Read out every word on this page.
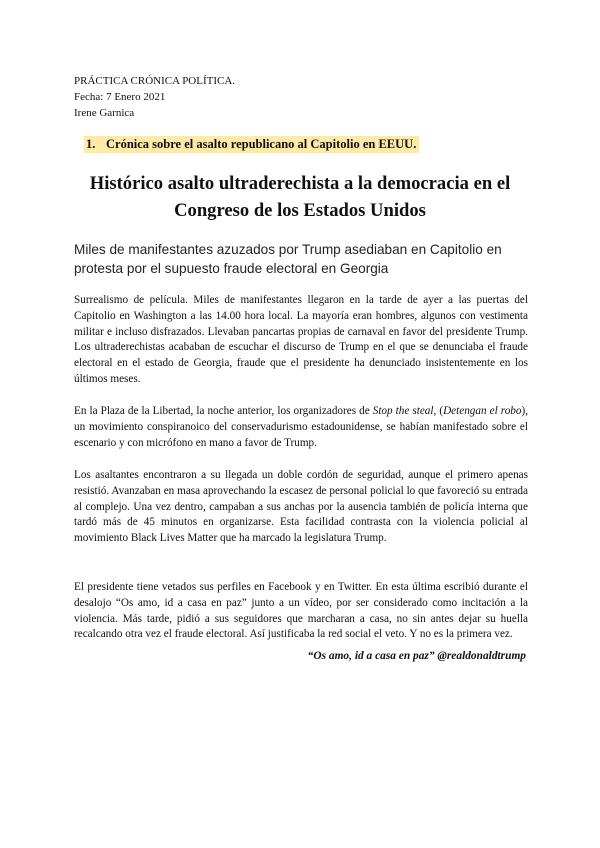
PRÁCTICA CRÓNICA POLÍTICA.
Fecha: 7 Enero 2021
Irene Garnica
1. Crónica sobre el asalto republicano al Capitolio en EEUU.
Histórico asalto ultraderechista a la democracia en el Congreso de los Estados Unidos
Miles de manifestantes azuzados por Trump asediaban en Capitolio en protesta por el supuesto fraude electoral en Georgia
Surrealismo de película. Miles de manifestantes llegaron en la tarde de ayer a las puertas del Capitolio en Washington a las 14.00 hora local. La mayoría eran hombres, algunos con vestimenta militar e incluso disfrazados. Llevaban pancartas propias de carnaval en favor del presidente Trump. Los ultraderechistas acababan de escuchar el discurso de Trump en el que se denunciaba el fraude electoral en el estado de Georgia, fraude que el presidente ha denunciado insistentemente en los últimos meses.
En la Plaza de la Libertad, la noche anterior, los organizadores de Stop the steal, (Detengan el robo), un movimiento conspiranoico del conservadurismo estadounidense, se habían manifestado sobre el escenario y con micrófono en mano a favor de Trump.
Los asaltantes encontraron a su llegada un doble cordón de seguridad, aunque el primero apenas resistió. Avanzaban en masa aprovechando la escasez de personal policial lo que favoreció su entrada al complejo. Una vez dentro, campaban a sus anchas por la ausencia también de policía interna que tardó más de 45 minutos en organizarse. Esta facilidad contrasta con la violencia policial al movimiento Black Lives Matter que ha marcado la legislatura Trump.
El presidente tiene vetados sus perfiles en Facebook y en Twitter. En esta última escribió durante el desalojo “Os amo, id a casa en paz” junto a un vídeo, por ser considerado como incitación a la violencia. Más tarde, pidió a sus seguidores que marcharan a casa, no sin antes dejar su huella recalcando otra vez el fraude electoral. Así justificaba la red social el veto. Y no es la primera vez.
“Os amo, id a casa en paz” @realdonaldtrump
